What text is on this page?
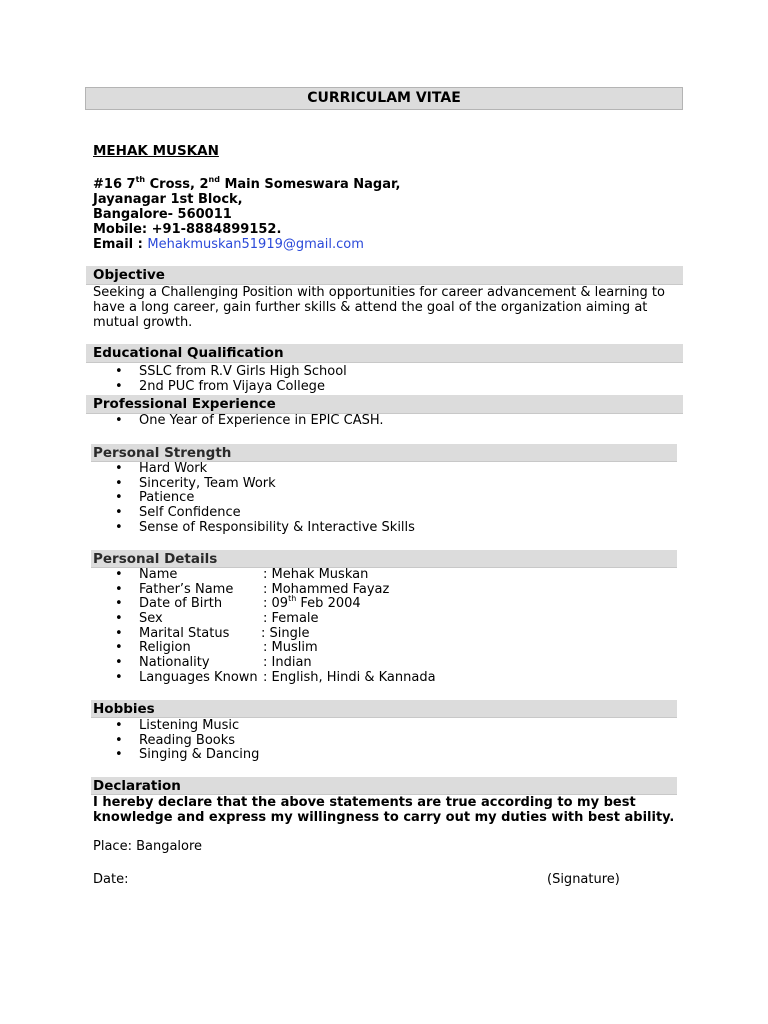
CURRICULAM VITAE
MEHAK MUSKAN
#16 7th Cross, 2nd Main Someswara Nagar,
Jayanagar 1st Block,
Bangalore- 560011
Mobile: +91-8884899152.
Email : Mehakmuskan51919@gmail.com
Objective
Seeking a Challenging Position with opportunities for career advancement & learning to
have a long career, gain further skills & attend the goal of the organization aiming at
mutual growth.
Educational Qualification
• SSLC from R.V Girls High School
• 2nd PUC from Vijaya College
Professional Experience
• One Year of Experience in EPIC CASH.
Personal Strength
• Hard Work
• Sincerity, Team Work
• Patience
• Self Confidence
• Sense of Responsibility & Interactive Skills
Personal Details
• Name	: Mehak Muskan
• Father’s Name : Mohammed Fayaz
• Date of Birth	: 09th Feb 2004
• Sex	: Female
• Marital Status : Single
• Religion	: Muslim
• Nationality	: Indian
• Languages Known : English, Hindi & Kannada
Hobbies
• Listening Music
• Reading Books
• Singing & Dancing
Declaration
I hereby declare that the above statements are true according to my best
knowledge and express my willingness to carry out my duties with best ability.
Place: Bangalore
Date:	(Signature)
